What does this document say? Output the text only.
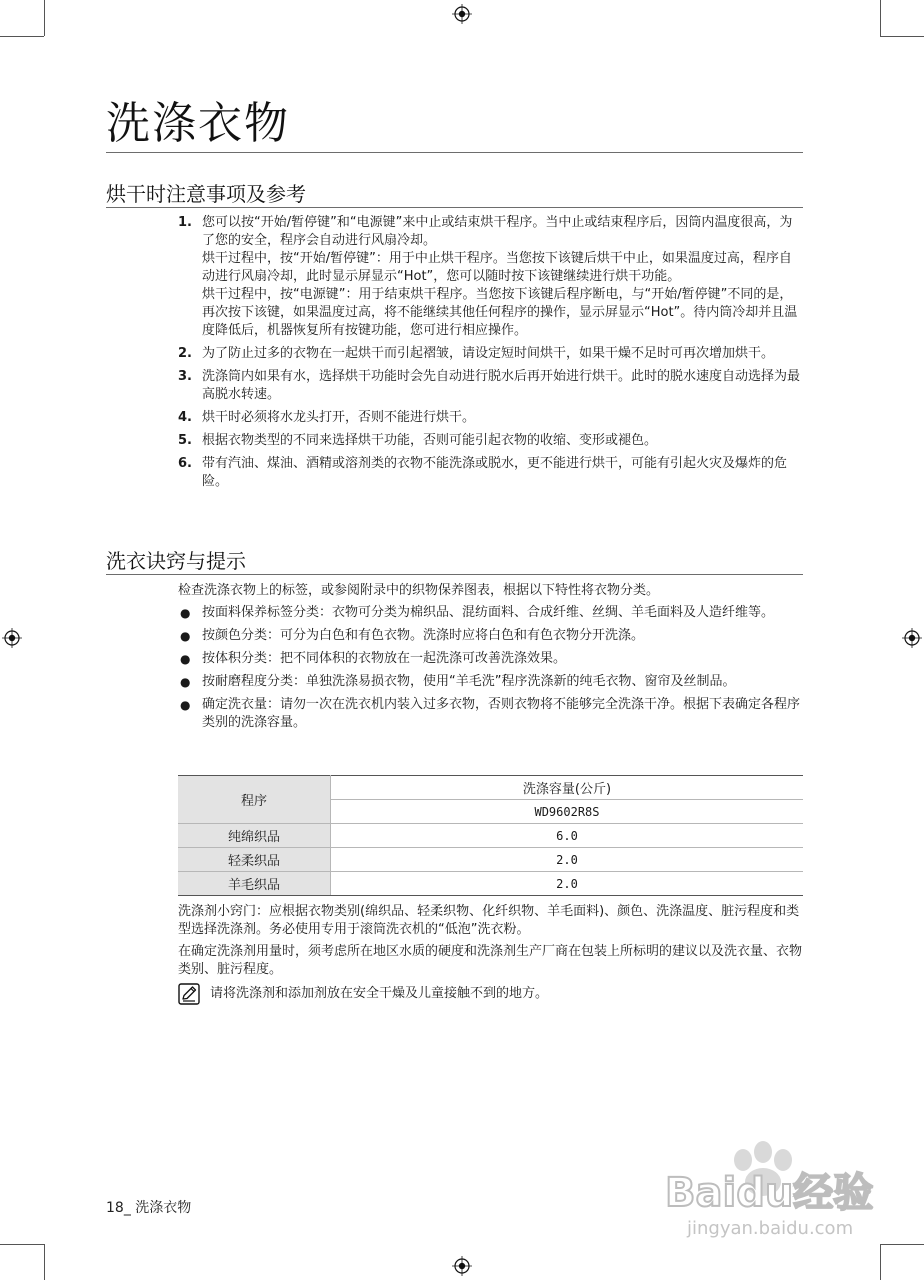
洗涤衣物
烘干时注意事项及参考
1. 您可以按“开始/暂停键”和“电源键”来中止或结束烘干程序。当中止或结束程序后，因筒内温度很高，为了您的安全，程序会自动进行风扇冷却。
烘干过程中，按“开始/暂停键”：用于中止烘干程序。当您按下该键后烘干中止，如果温度过高，程序自动进行风扇冷却，此时显示屏显示“Hot”，您可以随时按下该键继续进行烘干功能。
烘干过程中，按“电源键”：用于结束烘干程序。当您按下该键后程序断电，与“开始/暂停键”不同的是，再次按下该键，如果温度过高，将不能继续其他任何程序的操作，显示屏显示“Hot”。待内筒冷却并且温度降低后，机器恢复所有按键功能，您可进行相应操作。
2. 为了防止过多的衣物在一起烘干而引起褶皱，请设定短时间烘干，如果干燥不足时可再次增加烘干。
3. 洗涤筒内如果有水，选择烘干功能时会先自动进行脱水后再开始进行烘干。此时的脱水速度自动选择为最高脱水转速。
4. 烘干时必须将水龙头打开，否则不能进行烘干。
5. 根据衣物类型的不同来选择烘干功能，否则可能引起衣物的收缩、变形或褪色。
6. 带有汽油、煤油、酒精或溶剂类的衣物不能洗涤或脱水，更不能进行烘干，可能有引起火灾及爆炸的危险。
洗衣诀窍与提示
检查洗涤衣物上的标签，或参阅附录中的织物保养图表，根据以下特性将衣物分类。
● 按面料保养标签分类：衣物可分类为棉织品、混纺面料、合成纤维、丝绸、羊毛面料及人造纤维等。
● 按颜色分类：可分为白色和有色衣物。洗涤时应将白色和有色衣物分开洗涤。
● 按体积分类：把不同体积的衣物放在一起洗涤可改善洗涤效果。
● 按耐磨程度分类：单独洗涤易损衣物，使用“羊毛洗”程序洗涤新的纯毛衣物、窗帘及丝制品。
● 确定洗衣量：请勿一次在洗衣机内装入过多衣物，否则衣物将不能够完全洗涤干净。根据下表确定各程序类别的洗涤容量。
程序	洗涤容量(公斤)
	WD9602R8S
纯绵织品	6.0
轻柔织品	2.0
羊毛织品	2.0
洗涤剂小窍门：应根据衣物类别(绵织品、轻柔织物、化纤织物、羊毛面料)、颜色、洗涤温度、脏污程度和类型选择洗涤剂。务必使用专用于滚筒洗衣机的“低泡”洗衣粉。
在确定洗涤剂用量时，须考虑所在地区水质的硬度和洗涤剂生产厂商在包装上所标明的建议以及洗衣量、衣物类别、脏污程度。
请将洗涤剂和添加剂放在安全干燥及儿童接触不到的地方。
18_ 洗涤衣物	Baidu经验
jingyan.baidu.com
